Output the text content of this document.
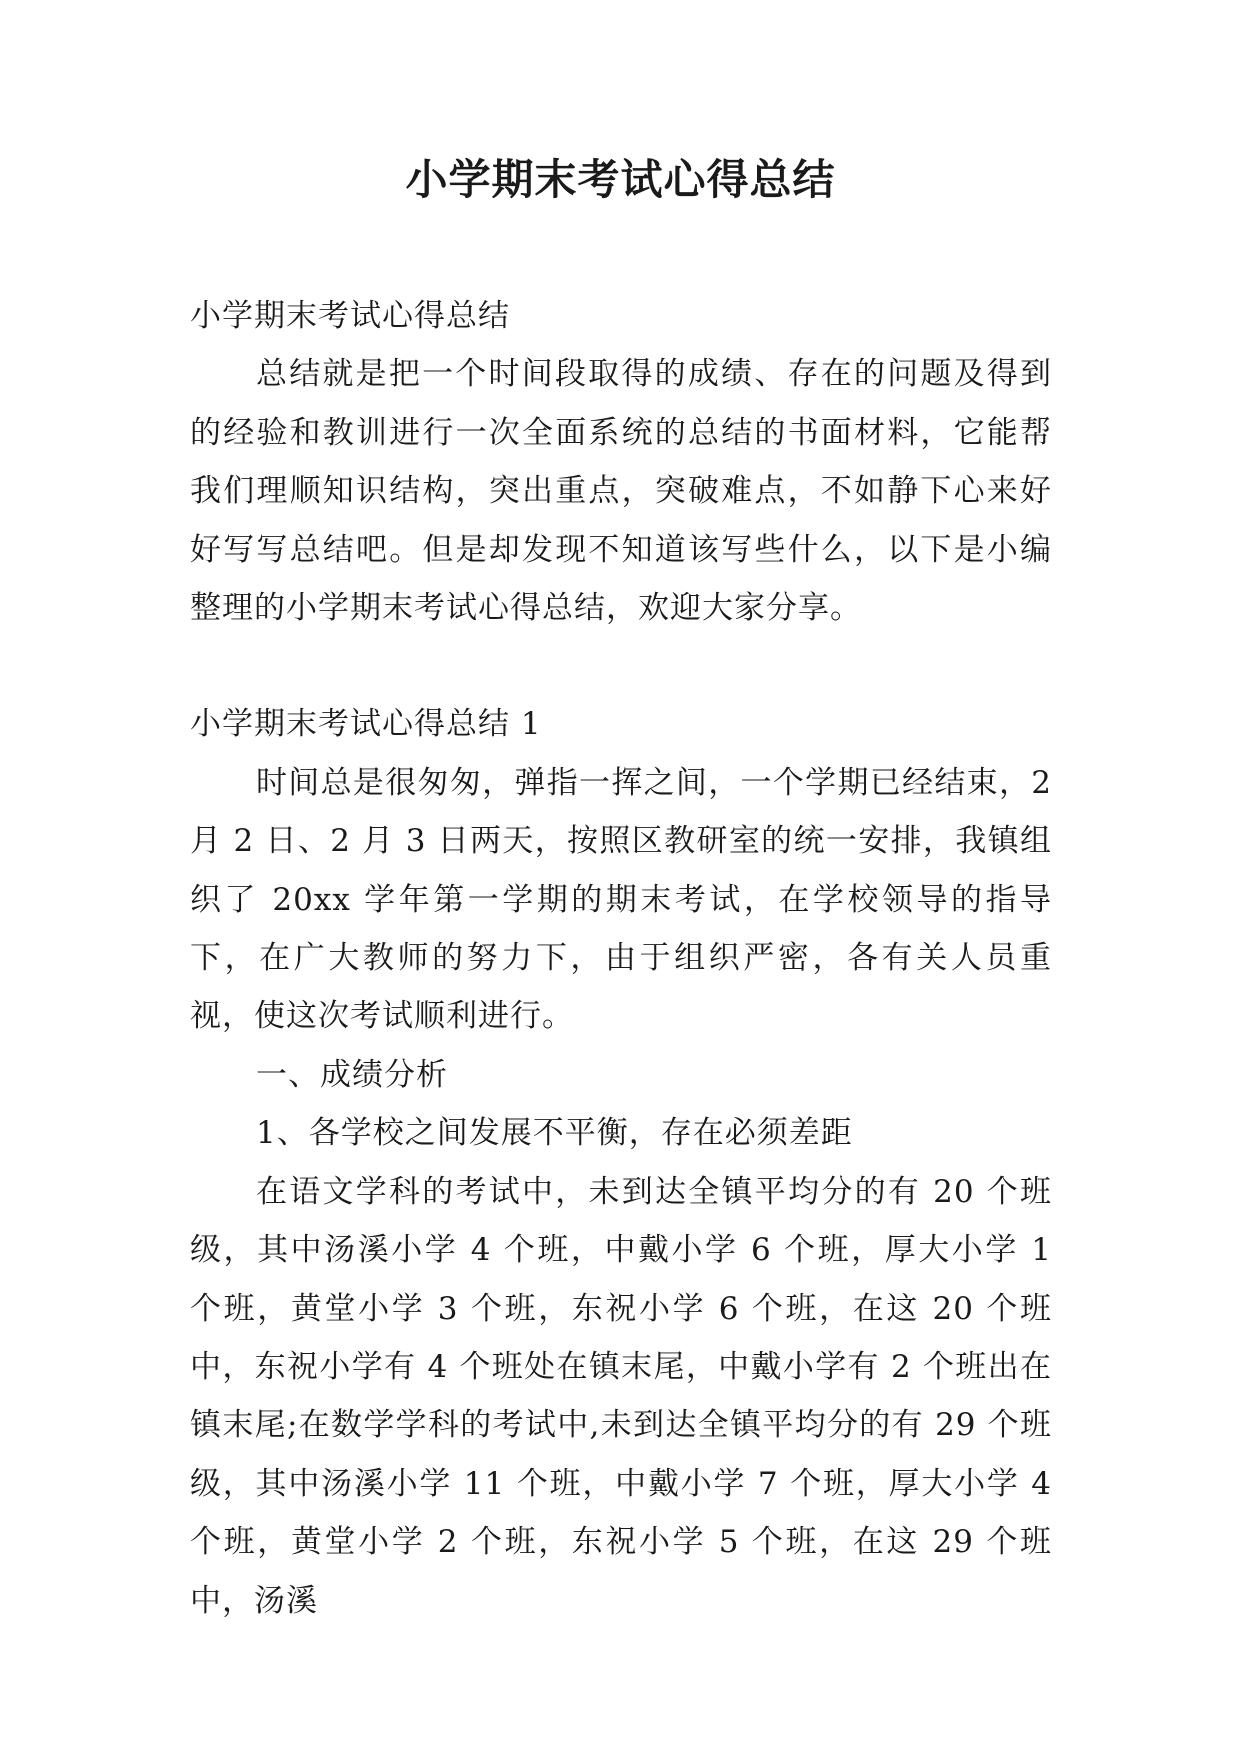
小学期末考试心得总结

小学期末考试心得总结

总结就是把一个时间段取得的成绩、存在的问题及得到的经验和教训进行一次全面系统的总结的书面材料，它能帮我们理顺知识结构，突出重点，突破难点，不如静下心来好好写写总结吧。但是却发现不知道该写些什么，以下是小编整理的小学期末考试心得总结，欢迎大家分享。

小学期末考试心得总结 1

时间总是很匆匆，弹指一挥之间，一个学期已经结束，2 月 2 日、2 月 3 日两天，按照区教研室的统一安排，我镇组织了 20xx 学年第一学期的期末考试，在学校领导的指导下，在广大教师的努力下，由于组织严密，各有关人员重视，使这次考试顺利进行。

一、成绩分析

1、各学校之间发展不平衡，存在必须差距

在语文学科的考试中，未到达全镇平均分的有 20 个班级，其中汤溪小学 4 个班，中戴小学 6 个班，厚大小学 1 个班，黄堂小学 3 个班，东祝小学 6 个班，在这 20 个班中，东祝小学有 4 个班处在镇末尾，中戴小学有 2 个班出在镇末尾;在数学学科的考试中,未到达全镇平均分的有 29 个班级，其中汤溪小学 11 个班，中戴小学 7 个班，厚大小学 4 个班，黄堂小学 2 个班，东祝小学 5 个班，在这 29 个班中，汤溪
